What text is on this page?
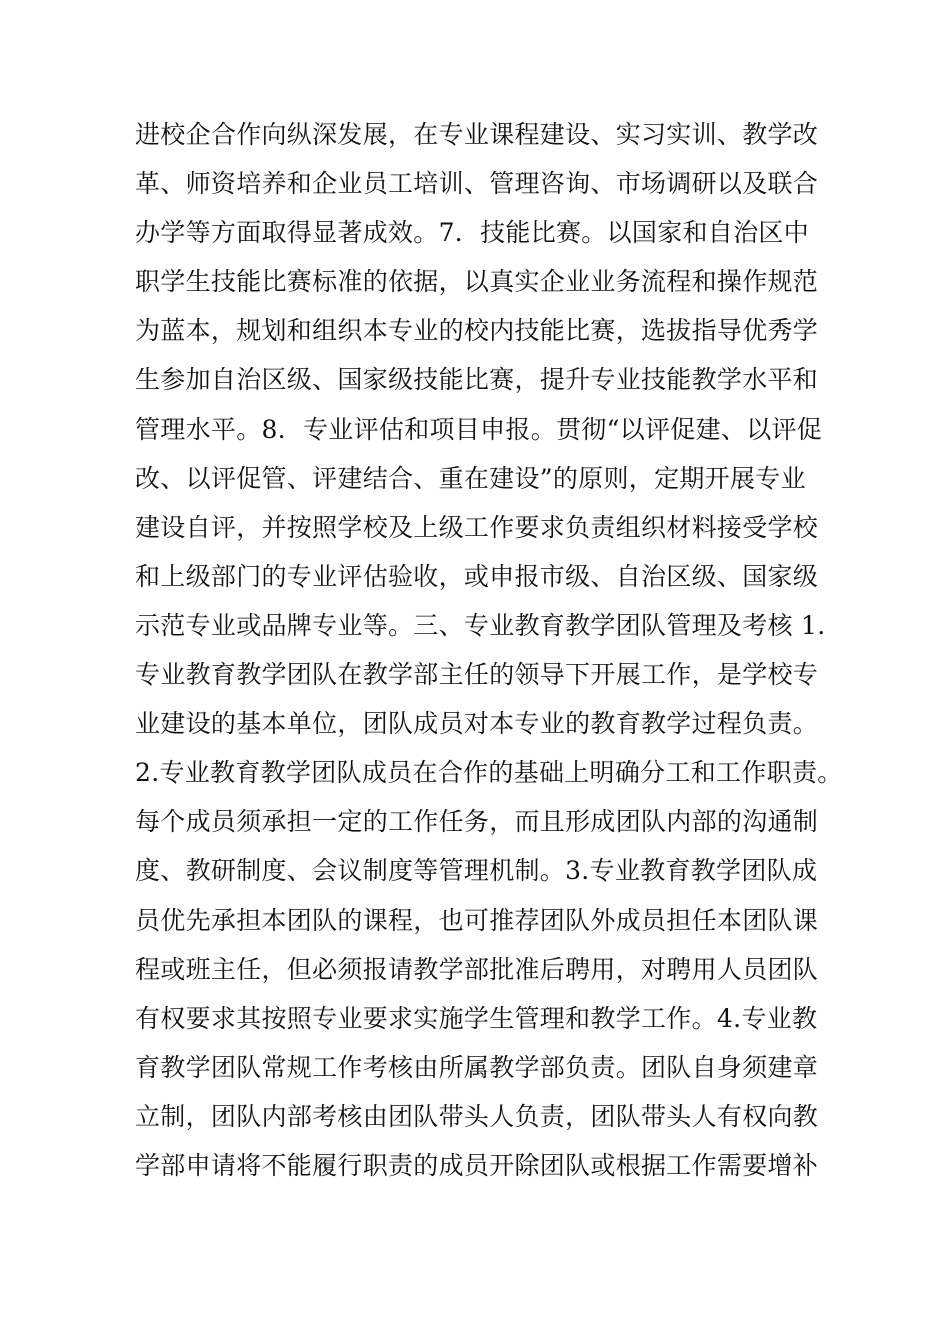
进校企合作向纵深发展，在专业课程建设、实习实训、教学改
革、师资培养和企业员工培训、管理咨询、市场调研以及联合
办学等方面取得显著成效。7．技能比赛。以国家和自治区中
职学生技能比赛标准的依据，以真实企业业务流程和操作规范
为蓝本，规划和组织本专业的校内技能比赛，选拔指导优秀学
生参加自治区级、国家级技能比赛，提升专业技能教学水平和
管理水平。8．专业评估和项目申报。贯彻“以评促建、以评促
改、以评促管、评建结合、重在建设”的原则，定期开展专业
建设自评，并按照学校及上级工作要求负责组织材料接受学校
和上级部门的专业评估验收，或申报市级、自治区级、国家级
示范专业或品牌专业等。三、专业教育教学团队管理及考核 1.
专业教育教学团队在教学部主任的领导下开展工作，是学校专
业建设的基本单位，团队成员对本专业的教育教学过程负责。
2.专业教育教学团队成员在合作的基础上明确分工和工作职责。
每个成员须承担一定的工作任务，而且形成团队内部的沟通制
度、教研制度、会议制度等管理机制。3.专业教育教学团队成
员优先承担本团队的课程，也可推荐团队外成员担任本团队课
程或班主任，但必须报请教学部批准后聘用，对聘用人员团队
有权要求其按照专业要求实施学生管理和教学工作。4.专业教
育教学团队常规工作考核由所属教学部负责。团队自身须建章
立制，团队内部考核由团队带头人负责，团队带头人有权向教
学部申请将不能履行职责的成员开除团队或根据工作需要增补
